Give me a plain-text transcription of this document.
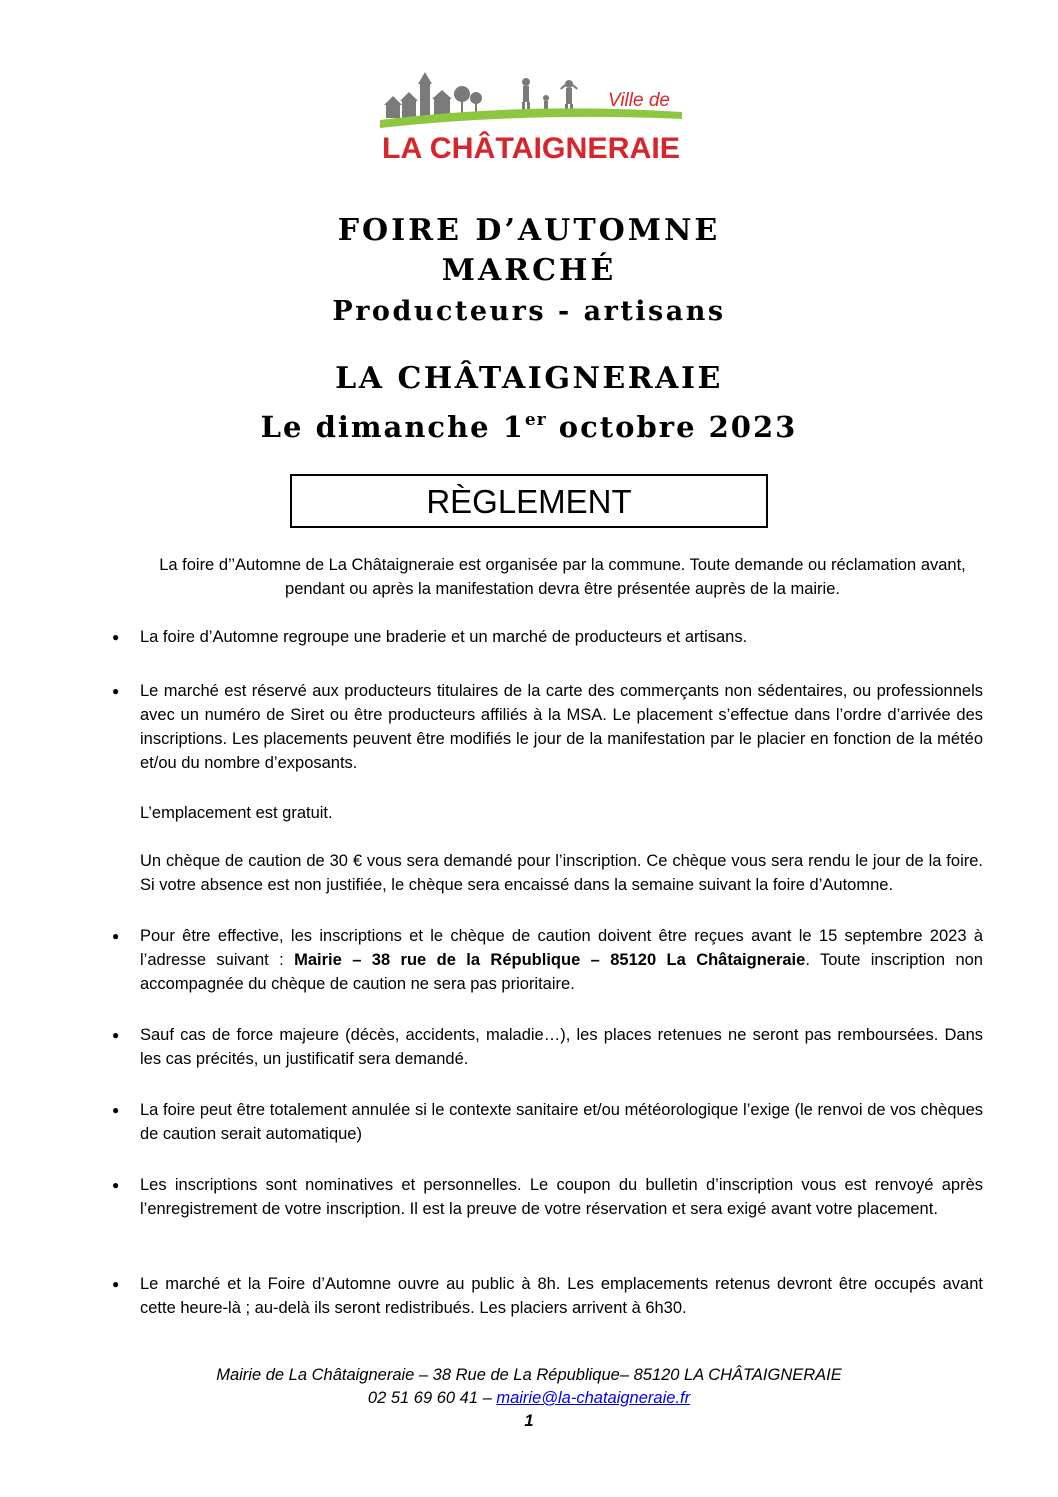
Ville de
LA CHÂTAIGNERAIE
FOIRE D’AUTOMNE
MARCHÉ
Producteurs - artisans
LA CHÂTAIGNERAIE
Le dimanche 1er octobre 2023
RÈGLEMENT
La foire d’’Automne de La Châtaigneraie est organisée par la commune. Toute demande ou réclamation avant, pendant ou après la manifestation devra être présentée auprès de la mairie.
● La foire d’Automne regroupe une braderie et un marché de producteurs et artisans.
● Le marché est réservé aux producteurs titulaires de la carte des commerçants non sédentaires, ou professionnels avec un numéro de Siret ou être producteurs affiliés à la MSA. Le placement s’effectue dans l’ordre d’arrivée des inscriptions. Les placements peuvent être modifiés le jour de la manifestation par le placier en fonction de la météo et/ou du nombre d’exposants.
L’emplacement est gratuit.
Un chèque de caution de 30 € vous sera demandé pour l’inscription. Ce chèque vous sera rendu le jour de la foire. Si votre absence est non justifiée, le chèque sera encaissé dans la semaine suivant la foire d’Automne.
● Pour être effective, les inscriptions et le chèque de caution doivent être reçues avant le 15 septembre 2023 à l’adresse suivant : Mairie – 38 rue de la République – 85120 La Châtaigneraie. Toute inscription non accompagnée du chèque de caution ne sera pas prioritaire.
● Sauf cas de force majeure (décès, accidents, maladie…), les places retenues ne seront pas remboursées. Dans les cas précités, un justificatif sera demandé.
● La foire peut être totalement annulée si le contexte sanitaire et/ou météorologique l’exige (le renvoi de vos chèques de caution serait automatique)
● Les inscriptions sont nominatives et personnelles. Le coupon du bulletin d’inscription vous est renvoyé après l’enregistrement de votre inscription. Il est la preuve de votre réservation et sera exigé avant votre placement.
● Le marché et la Foire d’Automne ouvre au public à 8h. Les emplacements retenus devront être occupés avant cette heure-là ; au-delà ils seront redistribués. Les placiers arrivent à 6h30.
Mairie de La Châtaigneraie – 38 Rue de La République– 85120 LA CHÂTAIGNERAIE
02 51 69 60 41 – mairie@la-chataigneraie.fr
1
